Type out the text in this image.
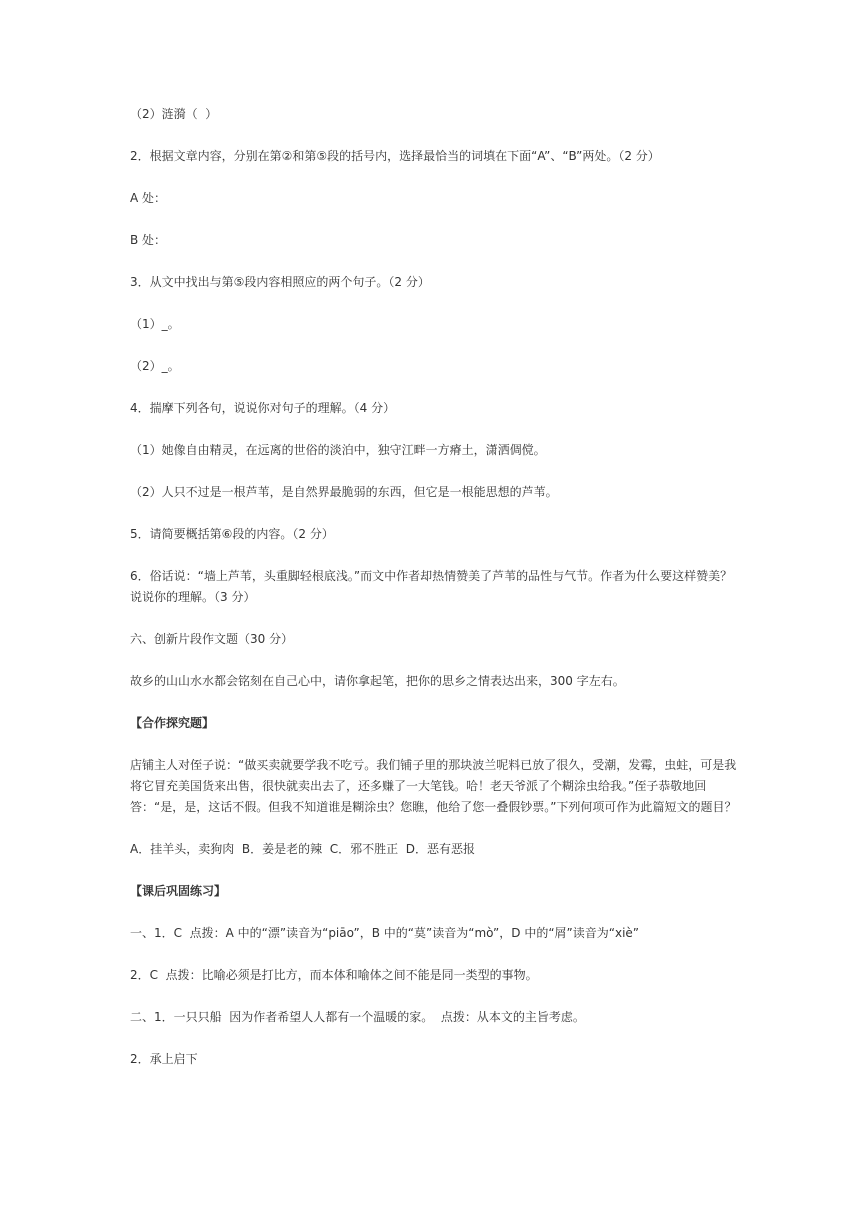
（2）涟漪（  ）

2．根据文章内容，分别在第②和第⑤段的括号内，选择最恰当的词填在下面“A”、“B”两处。（2 分）

A 处：

B 处：

3．从文中找出与第⑤段内容相照应的两个句子。（2 分）

（1）_。

（2）_。

4．揣摩下列各句，说说你对句子的理解。（4 分）

（1）她像自由精灵，在远离的世俗的淡泊中，独守江畔一方瘠土，潇洒倜傥。

（2）人只不过是一根芦苇，是自然界最脆弱的东西，但它是一根能思想的芦苇。

5．请简要概括第⑥段的内容。（2 分）

6．俗话说：“墙上芦苇，头重脚轻根底浅。”而文中作者却热情赞美了芦苇的品性与气节。作者为什么要这样赞美？说说你的理解。（3 分）

六、创新片段作文题（30 分）

故乡的山山水水都会铭刻在自己心中，请你拿起笔，把你的思乡之情表达出来，300 字左右。

【合作探究题】

店铺主人对侄子说：“做买卖就要学我不吃亏。我们铺子里的那块波兰呢料已放了很久，受潮，发霉，虫蛀，可是我将它冒充美国货来出售，很快就卖出去了，还多赚了一大笔钱。哈！老天爷派了个糊涂虫给我。”侄子恭敬地回答：“是，是，这话不假。但我不知道谁是糊涂虫？您瞧，他给了您一叠假钞票。”下列何项可作为此篇短文的题目？

A．挂羊头，卖狗肉  B．姜是老的辣  C．邪不胜正  D．恶有恶报

【课后巩固练习】

一、1．C  点拨：A 中的“漂”读音为“piāo”，B 中的“莫”读音为“mò”，D 中的“屑”读音为“xiè”

2．C  点拨：比喻必须是打比方，而本体和喻体之间不能是同一类型的事物。

二、1．一只只船  因为作者希望人人都有一个温暖的家。  点拨：从本文的主旨考虑。

2．承上启下
